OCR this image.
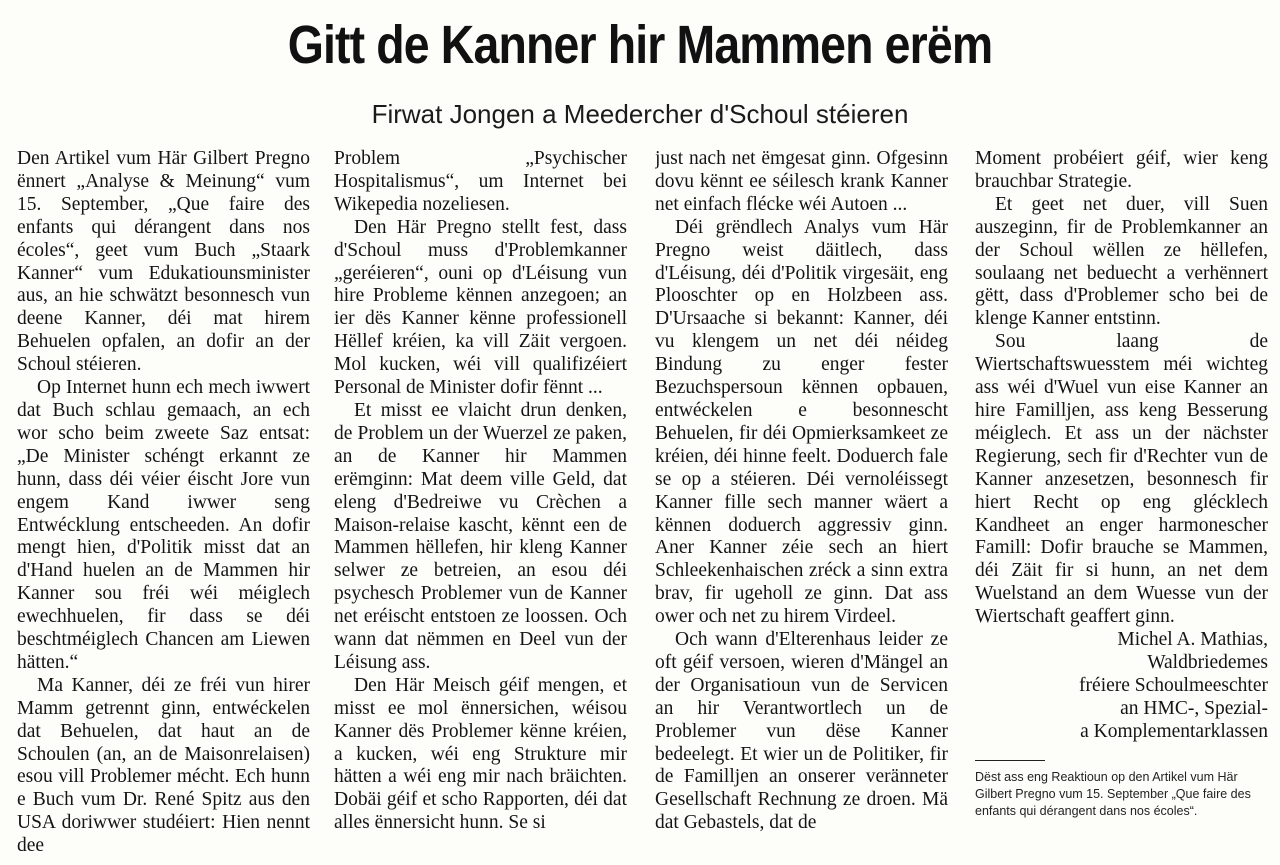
Gitt de Kanner hir Mammen erëm
Firwat Jongen a Meedercher d'Schoul stéieren

Den Artikel vum Här Gilbert Pregno ënnert „Analyse & Meinung“ vum 15. September, „Que faire des enfants qui dérangent dans nos écoles“, geet vum Buch „Staark Kanner“ vum Edukatiounsminister aus, an hie schwätzt besonnesch vun deene Kanner, déi mat hirem Behuelen opfalen, an dofir an der Schoul stéieren.

Op Internet hunn ech mech iwwert dat Buch schlau gemaach, an ech wor scho beim zweete Saz entsat: „De Minister schéngt erkannt ze hunn, dass déi véier éischt Jore vun engem Kand iwwer seng Entwécklung entscheeden. An dofir mengt hien, d'Politik misst dat an d'Hand huelen an de Mammen hir Kanner sou fréi wéi méiglech ewechhuelen, fir dass se déi beschtméiglech Chancen am Liewen hätten.“

Ma Kanner, déi ze fréi vun hirer Mamm getrennt ginn, entwéckelen dat Behuelen, dat haut an de Schoulen (an, an de Maisonrelaisen) esou vill Problemer mécht. Ech hunn e Buch vum Dr. René Spitz aus den USA doriwwer studéiert: Hien nennt dee

Problem „Psychischer Hospitalismus“, um Internet bei Wikepedia nozeliesen.

Den Här Pregno stellt fest, dass d'Schoul muss d'Problemkanner „geréieren“, ouni op d'Léisung vun hire Probleme kënnen anzegoen; an ier dës Kanner kënne professionell Hëllef kréien, ka vill Zäit vergoen. Mol kucken, wéi vill qualifizéiert Personal de Minister dofir fënnt ...

Et misst ee vlaicht drun denken, de Problem un der Wuerzel ze paken, an de Kanner hir Mammen erëmginn: Mat deem ville Geld, dat eleng d'Bedreiwe vu Crèchen a Maison-relaise kascht, kënnt een de Mammen hëllefen, hir kleng Kanner selwer ze betreien, an esou déi psychesch Problemer vun de Kanner net eréischt entstoen ze loossen. Och wann dat nëmmen en Deel vun der Léisung ass.

Den Här Meisch géif mengen, et misst ee mol ënnersichen, wéisou Kanner dës Problemer kënne kréien, a kucken, wéi eng Strukture mir hätten a wéi eng mir nach bräichten. Dobäi géif et scho Rapporten, déi dat alles ënnersicht hunn. Se si

just nach net ëmgesat ginn. Ofgesinn dovu kënnt ee séilesch krank Kanner net einfach flécke wéi Autoen ...

Déi grëndlech Analys vum Här Pregno weist däitlech, dass d'Léisung, déi d'Politik virgesäit, eng Plooschter op en Holzbeen ass. D'Ursaache si bekannt: Kanner, déi vu klengem un net déi néideg Bindung zu enger fester Bezuchspersoun kënnen opbauen, entwéckelen e besonnescht Behuelen, fir déi Opmierksamkeet ze kréien, déi hinne feelt. Doduerch fale se op a stéieren. Déi vernoléissegt Kanner fille sech manner wäert a kënnen doduerch aggressiv ginn. Aner Kanner zéie sech an hiert Schleekenhaischen zréck a sinn extra brav, fir ugeholl ze ginn. Dat ass ower och net zu hirem Virdeel.

Och wann d'Elterenhaus leider ze oft géif versoen, wieren d'Mängel an der Organisatioun vun de Servicen an hir Verantwortlech un de Problemer vun dëse Kanner bedeelegt. Et wier un de Politiker, fir de Familljen an onserer veränneter Gesellschaft Rechnung ze droen. Mä dat Gebastels, dat de

Moment probéiert géif, wier keng brauchbar Strategie.

Et geet net duer, vill Suen auszeginn, fir de Problemkanner an der Schoul wëllen ze hëllefen, soulaang net beduecht a verhënnert gëtt, dass d'Problemer scho bei de klenge Kanner entstinn.

Sou laang de Wiertschaftswuesstem méi wichteg ass wéi d'Wuel vun eise Kanner an hire Familljen, ass keng Besserung méiglech. Et ass un der nächster Regierung, sech fir d'Rechter vun de Kanner anzesetzen, besonnesch fir hiert Recht op eng glécklech Kandheet an enger harmonescher Famill: Dofir brauche se Mammen, déi Zäit fir si hunn, an net dem Wuelstand an dem Wuesse vun der Wiertschaft geaffert ginn.

Michel A. Mathias,

Waldbriedemes

fréiere Schoulmeeschter

an HMC-, Spezial-

a Komplementarklassen

Dëst ass eng Reaktioun op den Artikel vum Här Gilbert Pregno vum 15. September „Que faire des enfants qui dérangent dans nos écoles“.
